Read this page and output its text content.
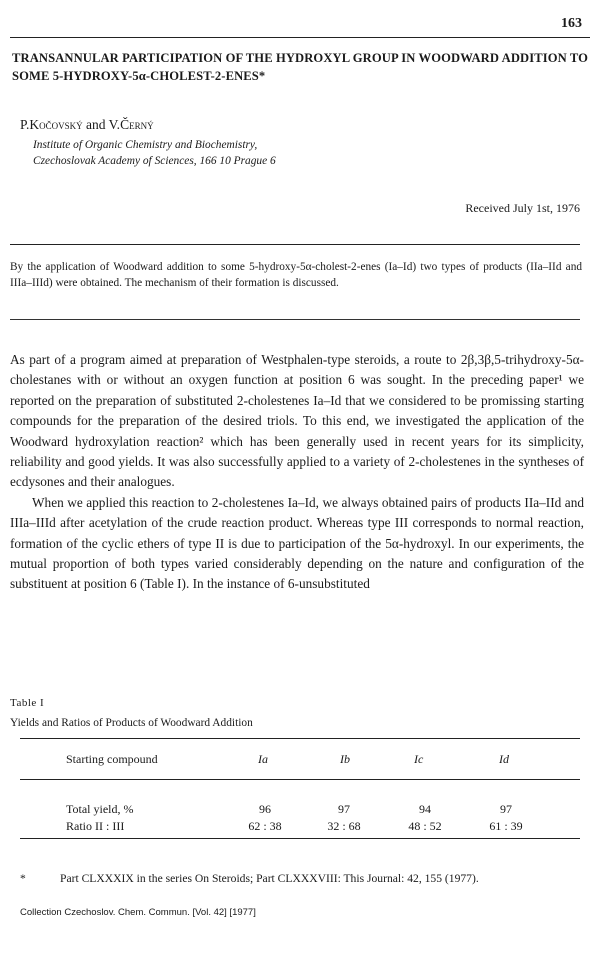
163
TRANSANNULAR PARTICIPATION OF THE HYDROXYL GROUP IN WOODWARD ADDITION TO SOME 5-HYDROXY-5α-CHOLEST-2-ENES*
P.Kočovský and V.Černý
Institute of Organic Chemistry and Biochemistry,
Czechoslovak Academy of Sciences, 166 10 Prague 6
Received July 1st, 1976
By the application of Woodward addition to some 5-hydroxy-5α-cholest-2-enes (Ia–Id) two types of products (IIa–IId and IIIa–IIId) were obtained. The mechanism of their formation is discussed.

As part of a program aimed at preparation of Westphalen-type steroids, a route to 2β,3β,5-trihydroxy-5α-cholestanes with or without an oxygen function at position 6 was sought. In the preceding paper¹ we reported on the preparation of substituted 2-cholestenes Ia–Id that we considered to be promissing starting compounds for the preparation of the desired triols. To this end, we investigated the application of the Woodward hydroxylation reaction² which has been generally used in recent years for its simplicity, reliability and good yields. It was also successfully applied to a variety of 2-cholestenes in the syntheses of ecdysones and their analogues.

When we applied this reaction to 2-cholestenes Ia–Id, we always obtained pairs of products IIa–IId and IIIa–IIId after acetylation of the crude reaction product. Whereas type III corresponds to normal reaction, formation of the cyclic ethers of type II is due to participation of the 5α-hydroxyl. In our experiments, the mutual proportion of both types varied considerably depending on the nature and configuration of the substituent at position 6 (Table I). In the instance of 6-unsubstituted

Table I
Yields and Ratios of Products of Woodward Addition
Starting compound	Ia	Ib	Ic	Id
Total yield, %	96	97	94	97
Ratio II : III	62 : 38	32 : 68	48 : 52	61 : 39
*	Part CLXXXIX in the series On Steroids; Part CLXXXVIII: This Journal: 42, 155 (1977).
Collection Czechoslov. Chem. Commun. [Vol. 42] [1977]
